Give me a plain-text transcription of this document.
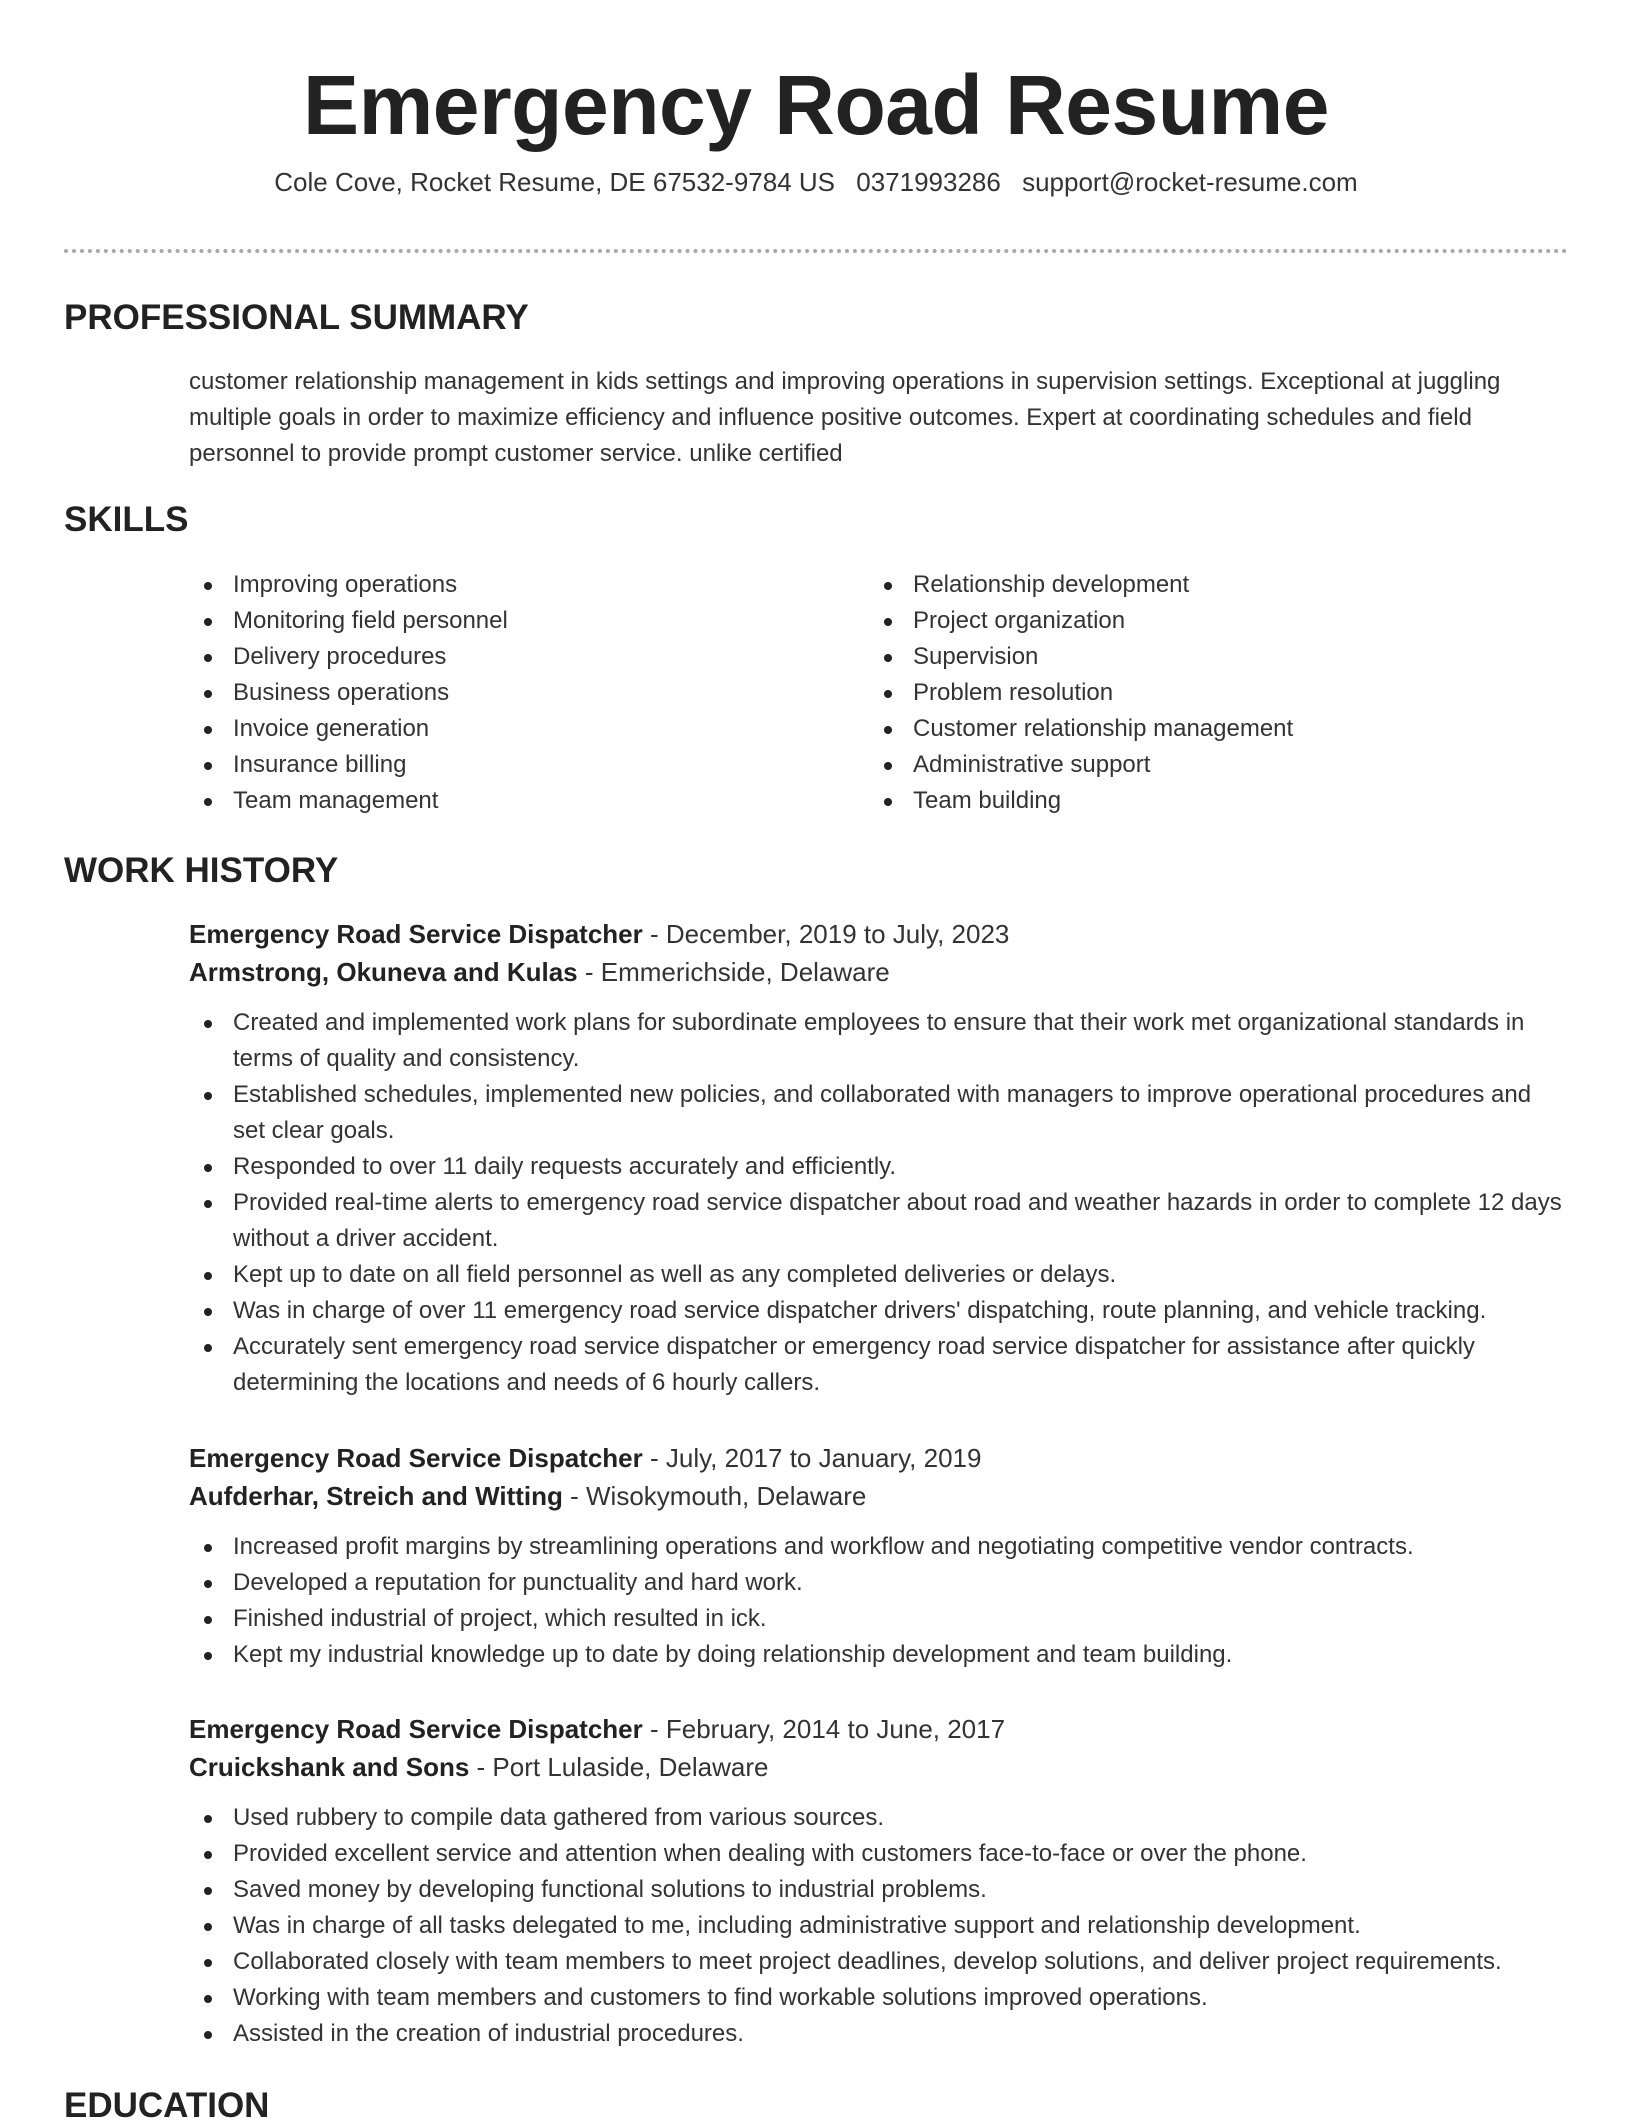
Emergency Road Resume
Cole Cove, Rocket Resume, DE 67532-9784 US 0371993286 support@rocket-resume.com
PROFESSIONAL SUMMARY

customer relationship management in kids settings and improving operations in supervision settings. Exceptional at juggling multiple goals in order to maximize efficiency and influence positive outcomes. Expert at coordinating schedules and field personnel to provide prompt customer service. unlike certified

SKILLS
Improving operations
Monitoring field personnel
Delivery procedures
Business operations
Invoice generation
Insurance billing
Team management
Relationship development
Project organization
Supervision
Problem resolution
Customer relationship management
Administrative support
Team building
WORK HISTORY
Emergency Road Service Dispatcher - December, 2019 to July, 2023
Armstrong, Okuneva and Kulas - Emmerichside, Delaware
Created and implemented work plans for subordinate employees to ensure that their work met organizational standards in terms of quality and consistency.
Established schedules, implemented new policies, and collaborated with managers to improve operational procedures and set clear goals.
Responded to over 11 daily requests accurately and efficiently.
Provided real-time alerts to emergency road service dispatcher about road and weather hazards in order to complete 12 days without a driver accident.
Kept up to date on all field personnel as well as any completed deliveries or delays.
Was in charge of over 11 emergency road service dispatcher drivers' dispatching, route planning, and vehicle tracking.
Accurately sent emergency road service dispatcher or emergency road service dispatcher for assistance after quickly determining the locations and needs of 6 hourly callers.
Emergency Road Service Dispatcher - July, 2017 to January, 2019
Aufderhar, Streich and Witting - Wisokymouth, Delaware
Increased profit margins by streamlining operations and workflow and negotiating competitive vendor contracts.
Developed a reputation for punctuality and hard work.
Finished industrial of project, which resulted in ick.
Kept my industrial knowledge up to date by doing relationship development and team building.
Emergency Road Service Dispatcher - February, 2014 to June, 2017
Cruickshank and Sons - Port Lulaside, Delaware
Used rubbery to compile data gathered from various sources.
Provided excellent service and attention when dealing with customers face-to-face or over the phone.
Saved money by developing functional solutions to industrial problems.
Was in charge of all tasks delegated to me, including administrative support and relationship development.
Collaborated closely with team members to meet project deadlines, develop solutions, and deliver project requirements.
Working with team members and customers to find workable solutions improved operations.
Assisted in the creation of industrial procedures.
EDUCATION
